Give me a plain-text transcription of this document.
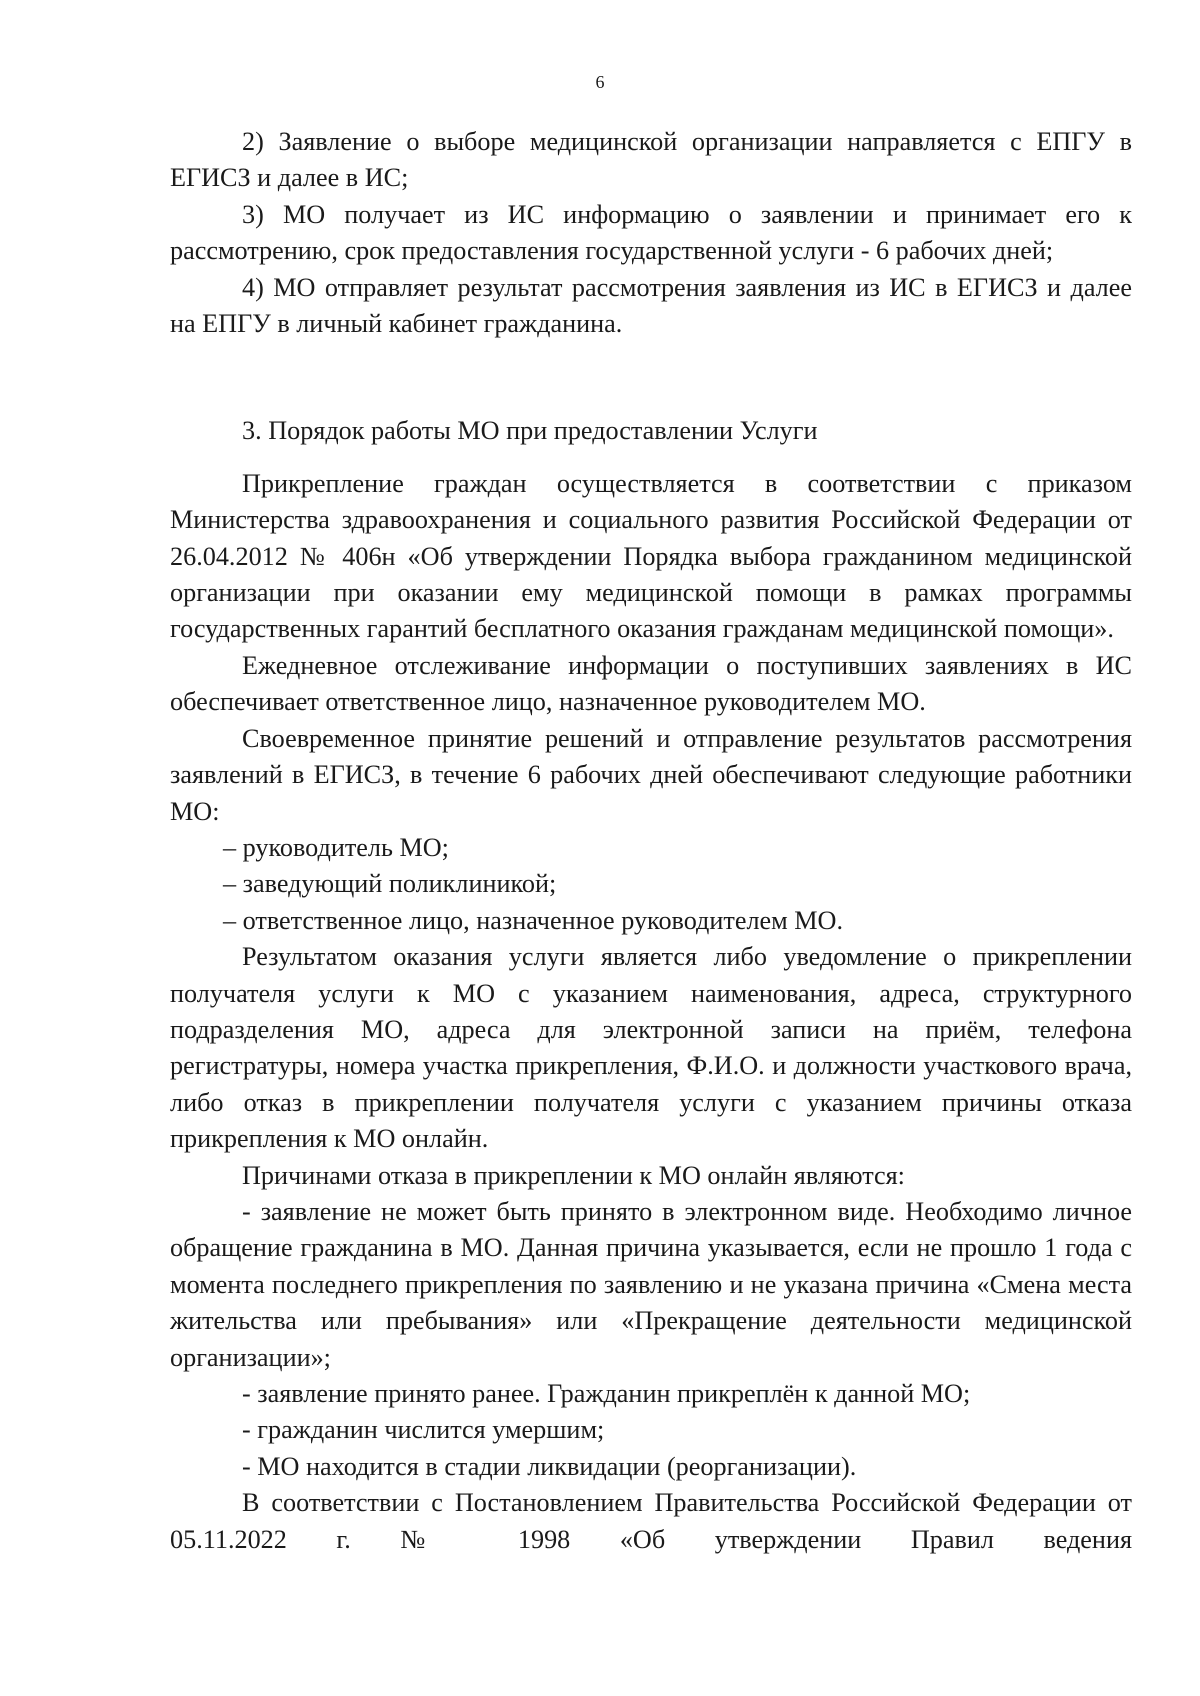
6

2) Заявление о выборе медицинской организации направляется с ЕПГУ в ЕГИСЗ и далее в ИС;

3) МО получает из ИС информацию о заявлении и принимает его к рассмотрению, срок предоставления государственной услуги - 6 рабочих дней;

4) МО отправляет результат рассмотрения заявления из ИС в ЕГИСЗ и далее на ЕПГУ в личный кабинет гражданина.

3. Порядок работы МО при предоставлении Услуги

Прикрепление граждан осуществляется в соответствии с приказом Министерства здравоохранения и социального развития Российской Федерации от 26.04.2012 № 406н «Об утверждении Порядка выбора гражданином медицинской организации при оказании ему медицинской помощи в рамках программы государственных гарантий бесплатного оказания гражданам медицинской помощи».

Ежедневное отслеживание информации о поступивших заявлениях в ИС обеспечивает ответственное лицо, назначенное руководителем МО.

Своевременное принятие решений и отправление результатов рассмотрения заявлений в ЕГИСЗ, в течение 6 рабочих дней обеспечивают следующие работники МО:

– руководитель МО;

– заведующий поликлиникой;

– ответственное лицо, назначенное руководителем МО.

Результатом оказания услуги является либо уведомление о прикреплении получателя услуги к МО с указанием наименования, адреса, структурного подразделения МО, адреса для электронной записи на приём, телефона регистратуры, номера участка прикрепления, Ф.И.О. и должности участкового врача, либо отказ в прикреплении получателя услуги с указанием причины отказа прикрепления к МО онлайн.

Причинами отказа в прикреплении к МО онлайн являются:

- заявление не может быть принято в электронном виде. Необходимо личное обращение гражданина в МО. Данная причина указывается, если не прошло 1 года с момента последнего прикрепления по заявлению и не указана причина «Смена места жительства или пребывания» или «Прекращение деятельности медицинской организации»;

- заявление принято ранее. Гражданин прикреплён к данной МО;

- гражданин числится умершим;

- МО находится в стадии ликвидации (реорганизации).

В соответствии с Постановлением Правительства Российской Федерации от 05.11.2022 г. № 1998 «Об утверждении Правил ведения
